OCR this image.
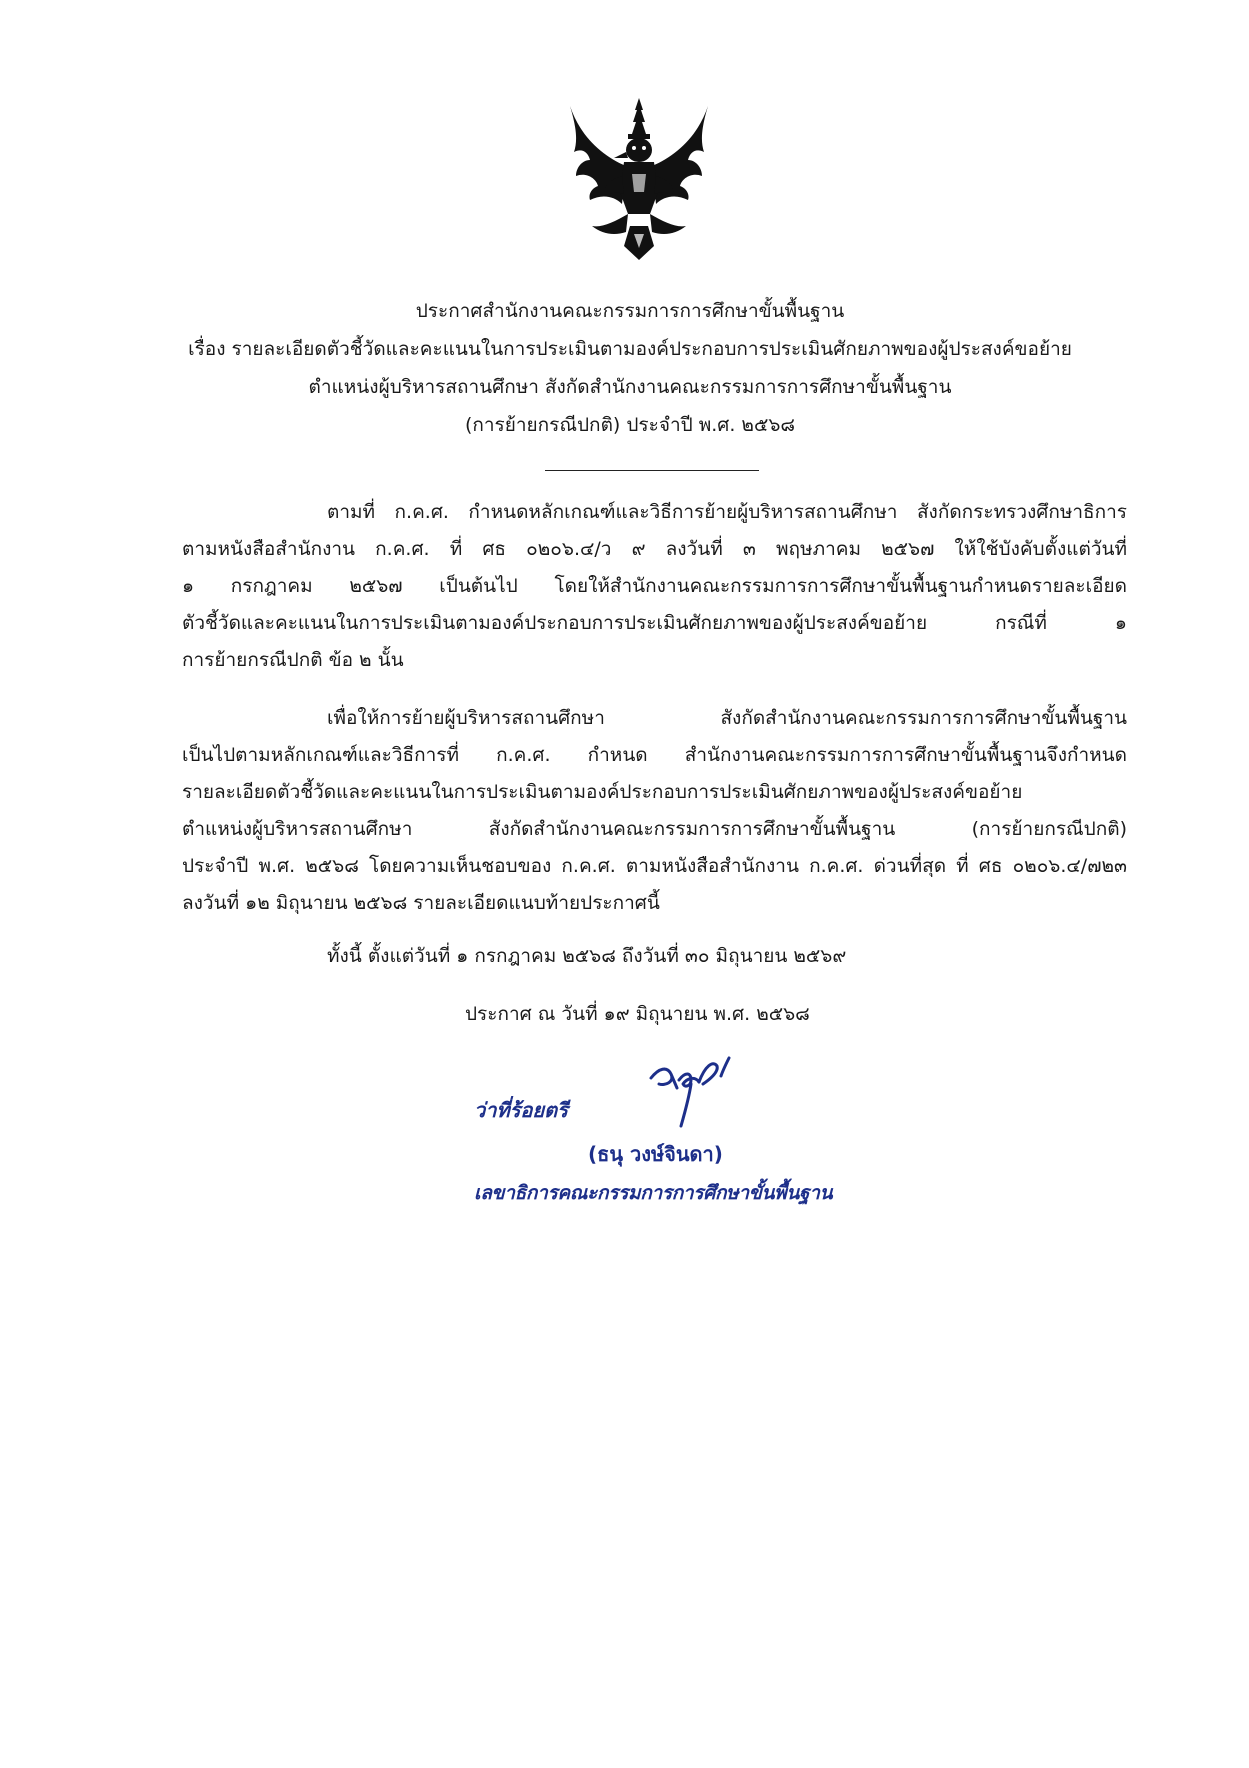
ประกาศสำนักงานคณะกรรมการการศึกษาขั้นพื้นฐาน
เรื่อง รายละเอียดตัวชี้วัดและคะแนนในการประเมินตามองค์ประกอบการประเมินศักยภาพของผู้ประสงค์ขอย้าย
ตำแหน่งผู้บริหารสถานศึกษา สังกัดสำนักงานคณะกรรมการการศึกษาขั้นพื้นฐาน
(การย้ายกรณีปกติ) ประจำปี พ.ศ. ๒๕๖๘
ตามที่ ก.ค.ศ. กำหนดหลักเกณฑ์และวิธีการย้ายผู้บริหารสถานศึกษา สังกัดกระทรวงศึกษาธิการ
ตามหนังสือสำนักงาน ก.ค.ศ. ที่ ศธ ๐๒๐๖.๔/ว ๙ ลงวันที่ ๓ พฤษภาคม ๒๕๖๗ ให้ใช้บังคับตั้งแต่วันที่
๑ กรกฎาคม ๒๕๖๗ เป็นต้นไป โดยให้สำนักงานคณะกรรมการการศึกษาขั้นพื้นฐานกำหนดรายละเอียด
ตัวชี้วัดและคะแนนในการประเมินตามองค์ประกอบการประเมินศักยภาพของผู้ประสงค์ขอย้าย กรณีที่ ๑
การย้ายกรณีปกติ ข้อ ๒ นั้น
เพื่อให้การย้ายผู้บริหารสถานศึกษา สังกัดสำนักงานคณะกรรมการการศึกษาขั้นพื้นฐาน
เป็นไปตามหลักเกณฑ์และวิธีการที่ ก.ค.ศ. กำหนด สำนักงานคณะกรรมการการศึกษาขั้นพื้นฐานจึงกำหนด
รายละเอียดตัวชี้วัดและคะแนนในการประเมินตามองค์ประกอบการประเมินศักยภาพของผู้ประสงค์ขอย้าย
ตำแหน่งผู้บริหารสถานศึกษา สังกัดสำนักงานคณะกรรมการการศึกษาขั้นพื้นฐาน (การย้ายกรณีปกติ)
ประจำปี พ.ศ. ๒๕๖๘ โดยความเห็นชอบของ ก.ค.ศ. ตามหนังสือสำนักงาน ก.ค.ศ. ด่วนที่สุด ที่ ศธ ๐๒๐๖.๔/๗๒๓
ลงวันที่ ๑๒ มิถุนายน ๒๕๖๘ รายละเอียดแนบท้ายประกาศนี้
ทั้งนี้ ตั้งแต่วันที่ ๑ กรกฎาคม ๒๕๖๘ ถึงวันที่ ๓๐ มิถุนายน ๒๕๖๙
ประกาศ ณ วันที่ ๑๙ มิถุนายน พ.ศ. ๒๕๖๘
ว่าที่ร้อยตรี
(ธนุ วงษ์จินดา)
เลขาธิการคณะกรรมการการศึกษาขั้นพื้นฐาน
